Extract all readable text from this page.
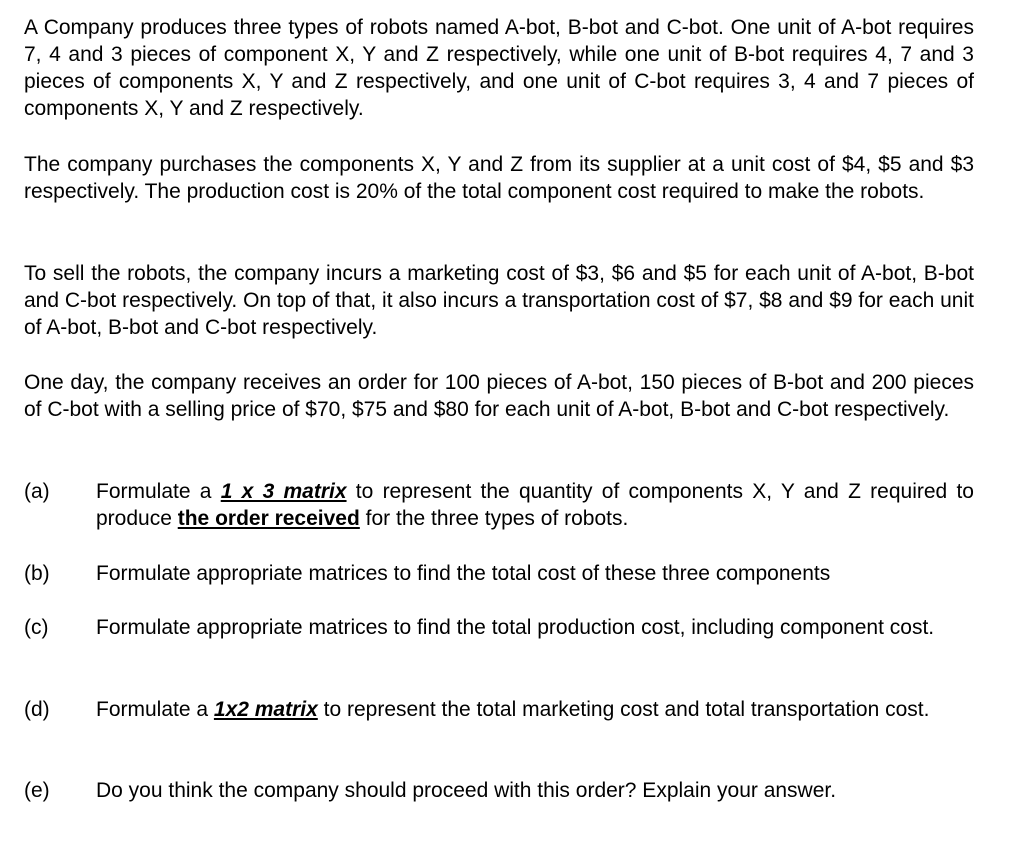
A Company produces three types of robots named A-bot, B-bot and C-bot. One unit of A-bot requires 7, 4 and 3 pieces of component X, Y and Z respectively, while one unit of B-bot requires 4, 7 and 3 pieces of components X, Y and Z respectively, and one unit of C-bot requires 3, 4 and 7 pieces of components X, Y and Z respectively.

The company purchases the components X, Y and Z from its supplier at a unit cost of $4, $5 and $3 respectively. The production cost is 20% of the total component cost required to make the robots.

To sell the robots, the company incurs a marketing cost of $3, $6 and $5 for each unit of A-bot, B-bot and C-bot respectively. On top of that, it also incurs a transportation cost of $7, $8 and $9 for each unit of A-bot, B-bot and C-bot respectively.

One day, the company receives an order for 100 pieces of A-bot, 150 pieces of B-bot and 200 pieces of C-bot with a selling price of $70, $75 and $80 for each unit of A-bot, B-bot and C-bot respectively.

(a)	Formulate a 1 x 3 matrix to represent the quantity of components X, Y and Z required to produce the order received for the three types of robots.
(b)	Formulate appropriate matrices to find the total cost of these three components
(c)	Formulate appropriate matrices to find the total production cost, including component cost.
(d)	Formulate a 1x2 matrix to represent the total marketing cost and total transportation cost.
(e)	Do you think the company should proceed with this order? Explain your answer.
